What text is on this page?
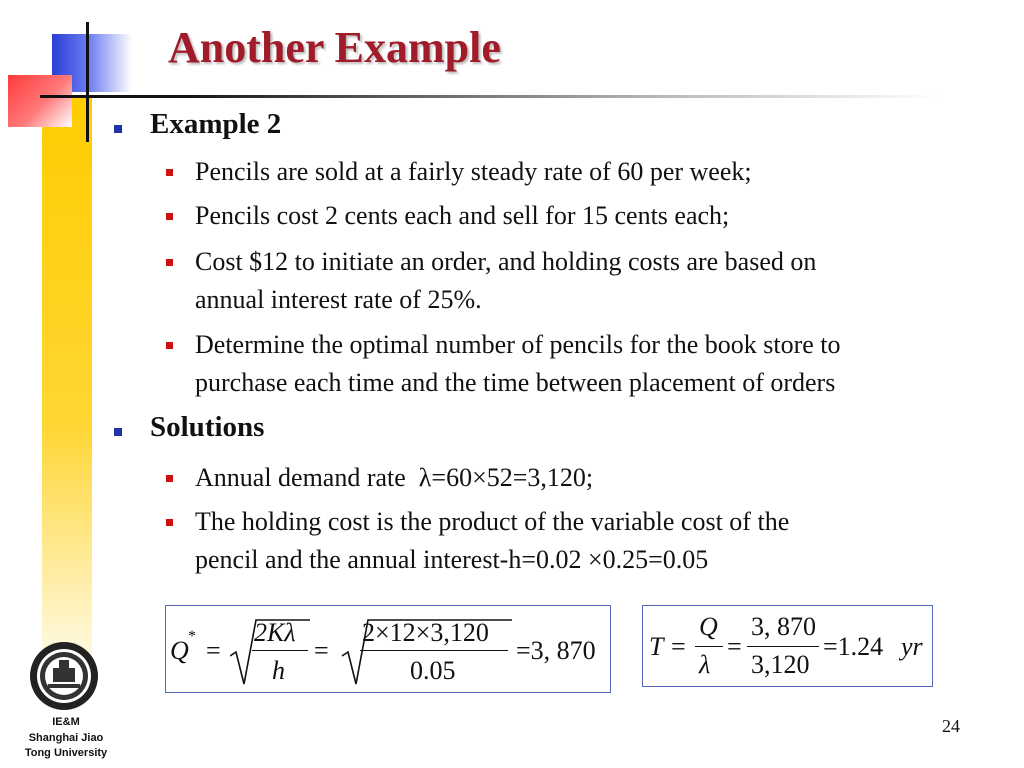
Another Example
Example 2
Pencils are sold at a fairly steady rate of 60 per week;
Pencils cost 2 cents each and sell for 15 cents each;
Cost $12 to initiate an order, and holding costs are based on
annual interest rate of 25%.
Determine the optimal number of pencils for the book store to
purchase each time and the time between placement of orders
Solutions
Annual demand rate  λ=60×52=3,120;
The holding cost is the product of the variable cost of the
pencil and the annual interest-h=0.02 ×0.25=0.05
Q * =
2Kλ
h
=
2×12×3,120
0.05
=3, 870 T =
Q
λ
=
3, 870
3,120
=1.24 yr
IE&M
Shanghai Jiao
Tong University
24
